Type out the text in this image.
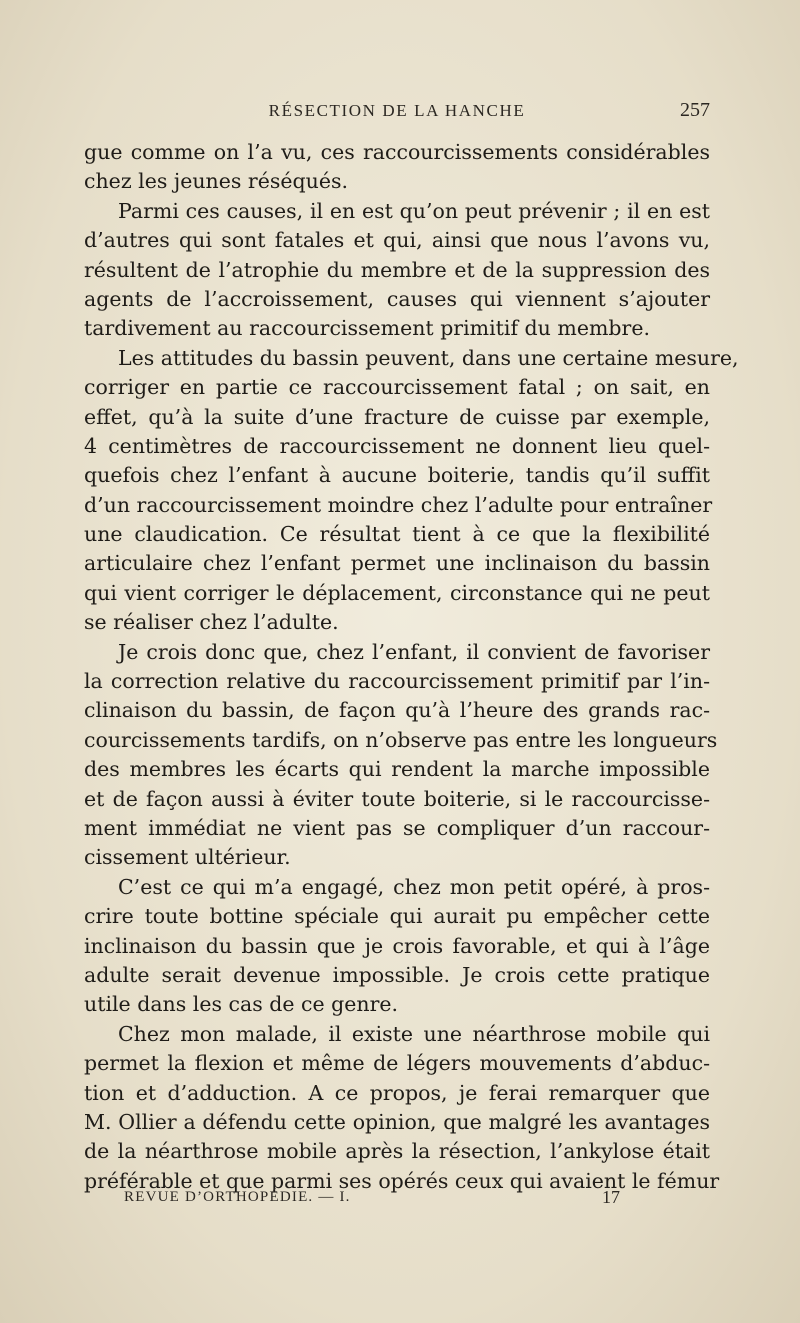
RÉSECTION DE LA HANCHE	257
gue comme on l’a vu, ces raccourcissements considérables
chez les jeunes réséqués.
Parmi ces causes, il en est qu’on peut prévenir ; il en est
d’autres qui sont fatales et qui, ainsi que nous l’avons vu,
résultent de l’atrophie du membre et de la suppression des
agents de l’accroissement, causes qui viennent s’ajouter
tardivement au raccourcissement primitif du membre.
Les attitudes du bassin peuvent, dans une certaine mesure,
corriger en partie ce raccourcissement fatal ; on sait, en
effet, qu’à la suite d’une fracture de cuisse par exemple,
4 centimètres de raccourcissement ne donnent lieu quel-
quefois chez l’enfant à aucune boiterie, tandis qu’il suffit
d’un raccourcissement moindre chez l’adulte pour entraîner
une claudication. Ce résultat tient à ce que la flexibilité
articulaire chez l’enfant permet une inclinaison du bassin
qui vient corriger le déplacement, circonstance qui ne peut
se réaliser chez l’adulte.
Je crois donc que, chez l’enfant, il convient de favoriser
la correction relative du raccourcissement primitif par l’in-
clinaison du bassin, de façon qu’à l’heure des grands rac-
courcissements tardifs, on n’observe pas entre les longueurs
des membres les écarts qui rendent la marche impossible
et de façon aussi à éviter toute boiterie, si le raccourcisse-
ment immédiat ne vient pas se compliquer d’un raccour-
cissement ultérieur.
C’est ce qui m’a engagé, chez mon petit opéré, à pros-
crire toute bottine spéciale qui aurait pu empêcher cette
inclinaison du bassin que je crois favorable, et qui à l’âge
adulte serait devenue impossible. Je crois cette pratique
utile dans les cas de ce genre.
Chez mon malade, il existe une néarthrose mobile qui
permet la flexion et même de légers mouvements d’abduc-
tion et d’adduction. A ce propos, je ferai remarquer que
M. Ollier a défendu cette opinion, que malgré les avantages
de la néarthrose mobile après la résection, l’ankylose était
préférable et que parmi ses opérés ceux qui avaient le fémur
REVUE D’ORTHOPÉDIE. — I.	17
